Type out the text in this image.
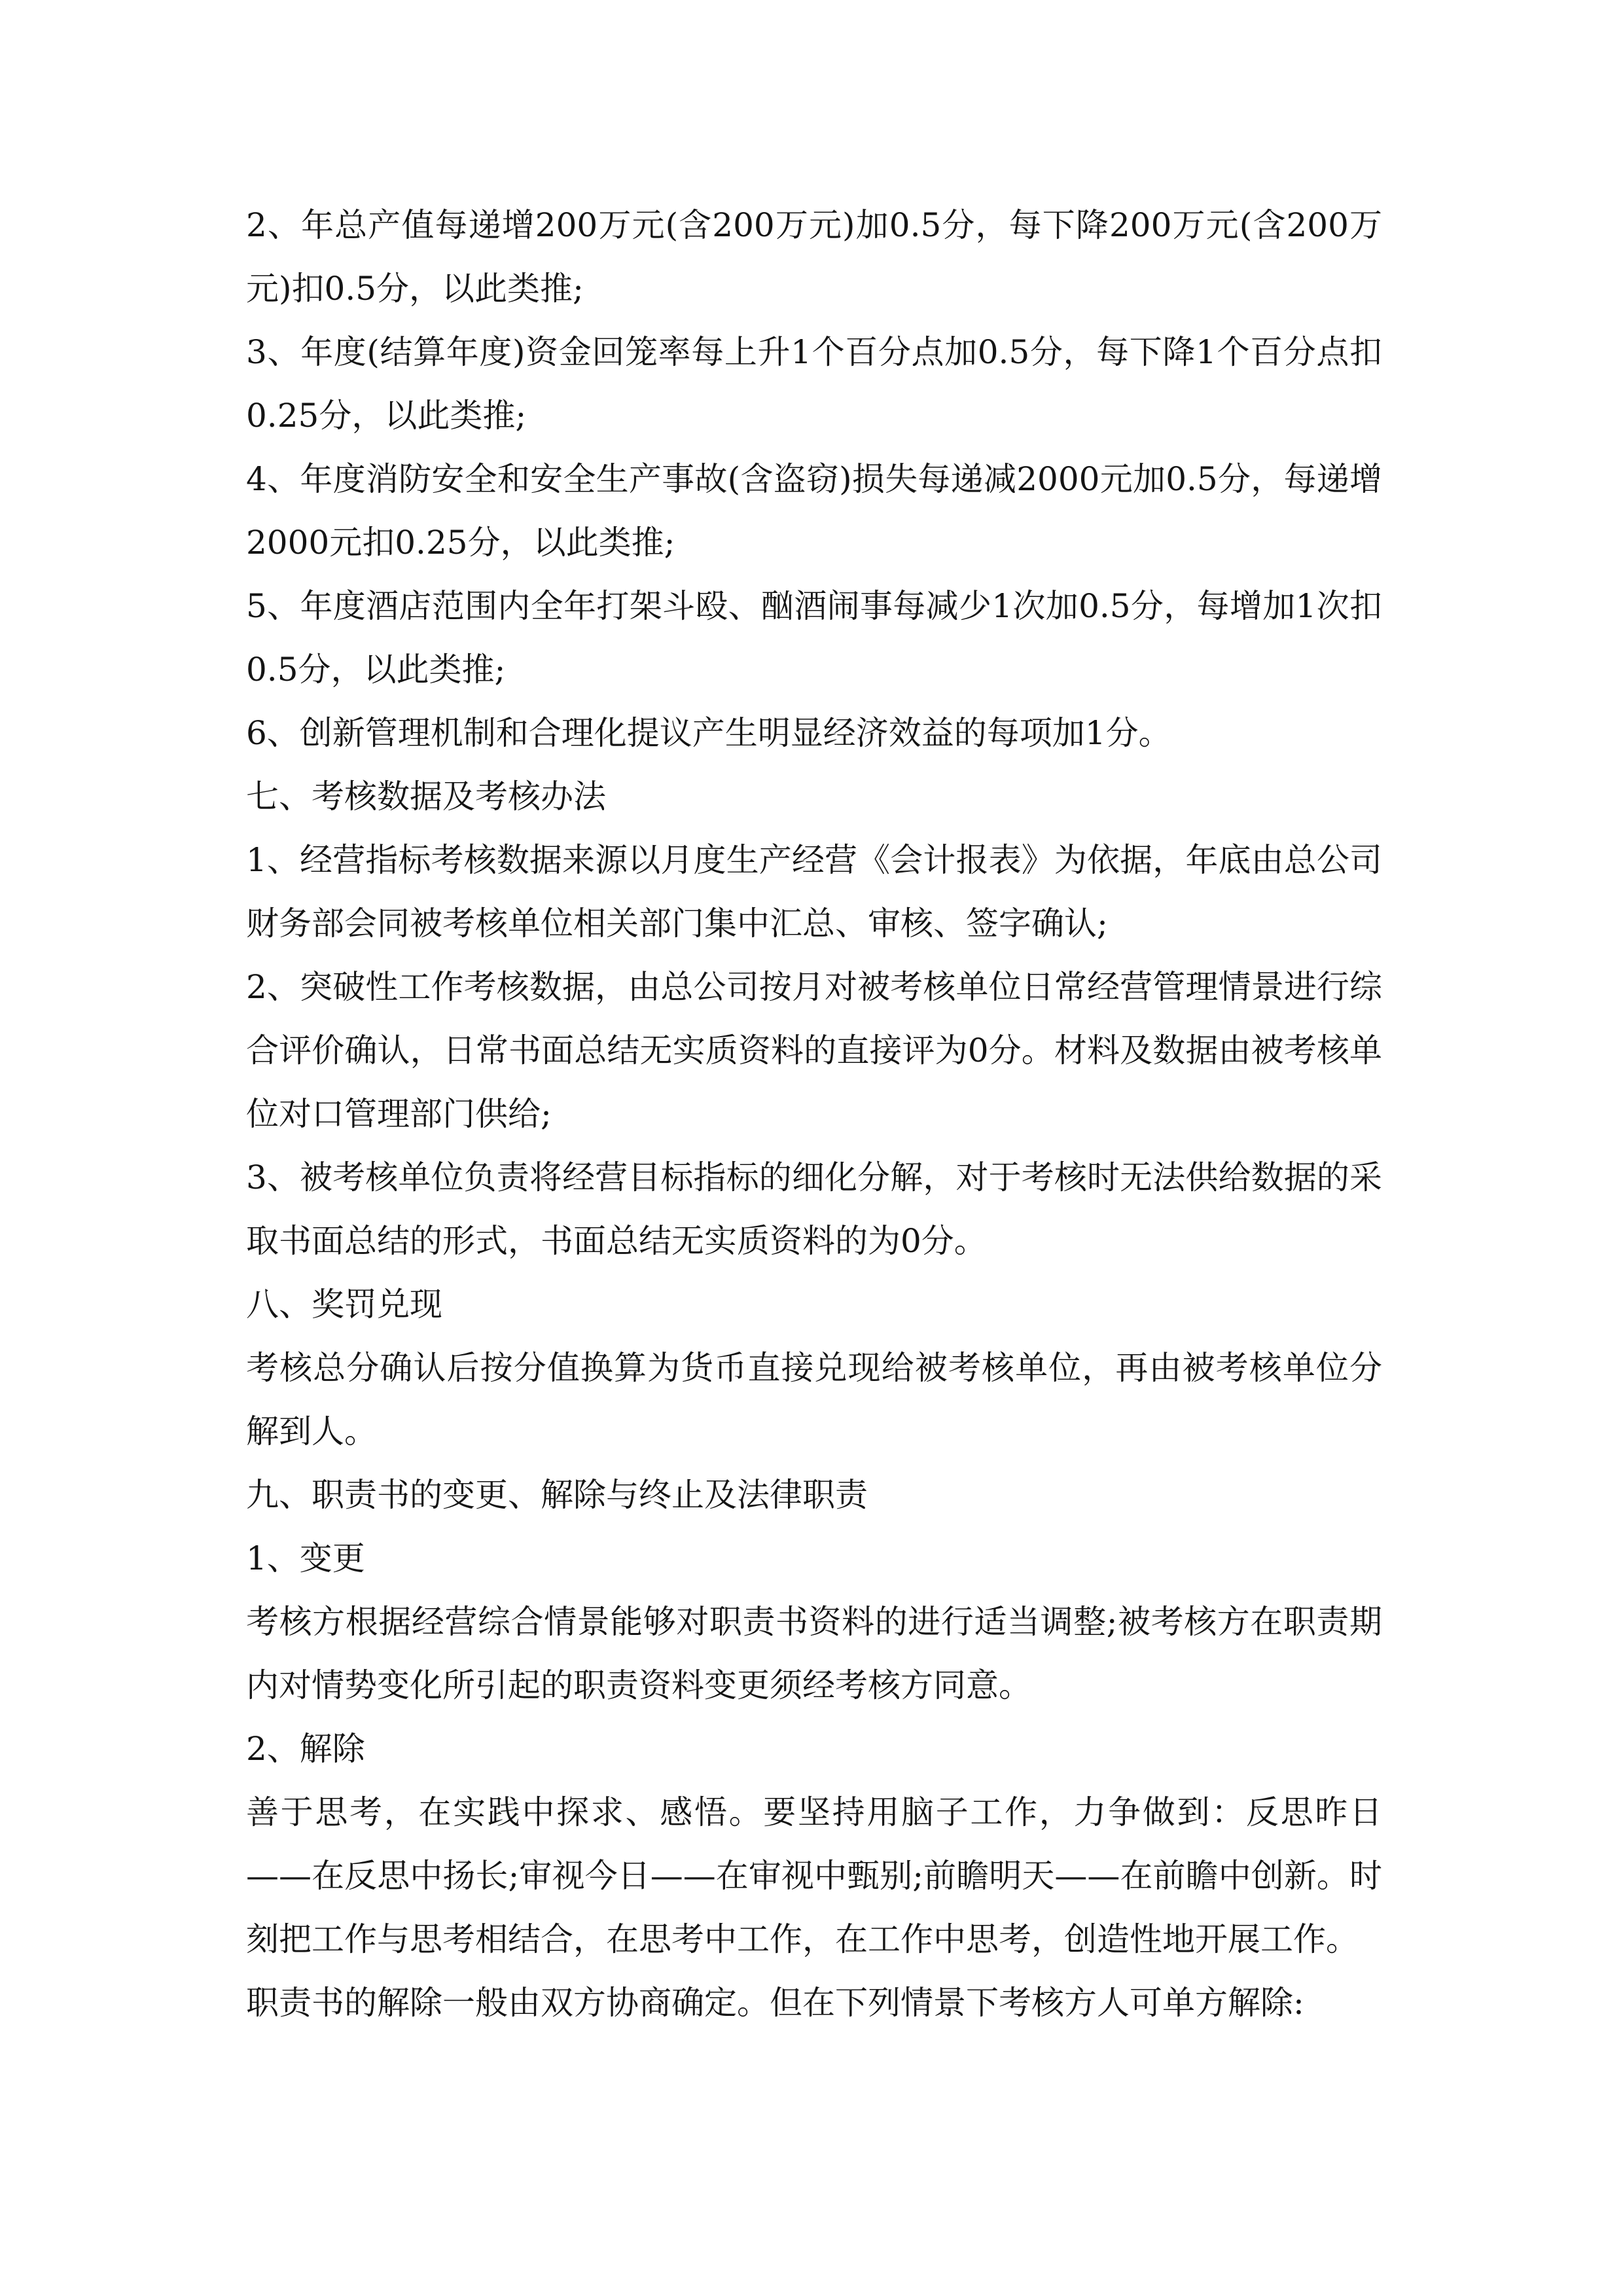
2、年总产值每递增200万元(含200万元)加0.5分，每下降200万元(含200万元)扣0.5分，以此类推;

3、年度(结算年度)资金回笼率每上升1个百分点加0.5分，每下降1个百分点扣0.25分，以此类推;

4、年度消防安全和安全生产事故(含盗窃)损失每递减2000元加0.5分，每递增2000元扣0.25分，以此类推;

5、年度酒店范围内全年打架斗殴、酗酒闹事每减少1次加0.5分，每增加1次扣0.5分，以此类推;

6、创新管理机制和合理化提议产生明显经济效益的每项加1分。

七、考核数据及考核办法

1、经营指标考核数据来源以月度生产经营《会计报表》为依据，年底由总公司财务部会同被考核单位相关部门集中汇总、审核、签字确认;

2、突破性工作考核数据，由总公司按月对被考核单位日常经营管理情景进行综合评价确认，日常书面总结无实质资料的直接评为0分。材料及数据由被考核单位对口管理部门供给;

3、被考核单位负责将经营目标指标的细化分解，对于考核时无法供给数据的采取书面总结的形式，书面总结无实质资料的为0分。

八、奖罚兑现

考核总分确认后按分值换算为货币直接兑现给被考核单位，再由被考核单位分解到人。

九、职责书的变更、解除与终止及法律职责

1、变更

考核方根据经营综合情景能够对职责书资料的进行适当调整;被考核方在职责期内对情势变化所引起的职责资料变更须经考核方同意。

2、解除

善于思考，在实践中探求、感悟。要坚持用脑子工作，力争做到：反思昨日——在反思中扬长;审视今日——在审视中甄别;前瞻明天——在前瞻中创新。时刻把工作与思考相结合，在思考中工作，在工作中思考，创造性地开展工作。

职责书的解除一般由双方协商确定。但在下列情景下考核方人可单方解除:
